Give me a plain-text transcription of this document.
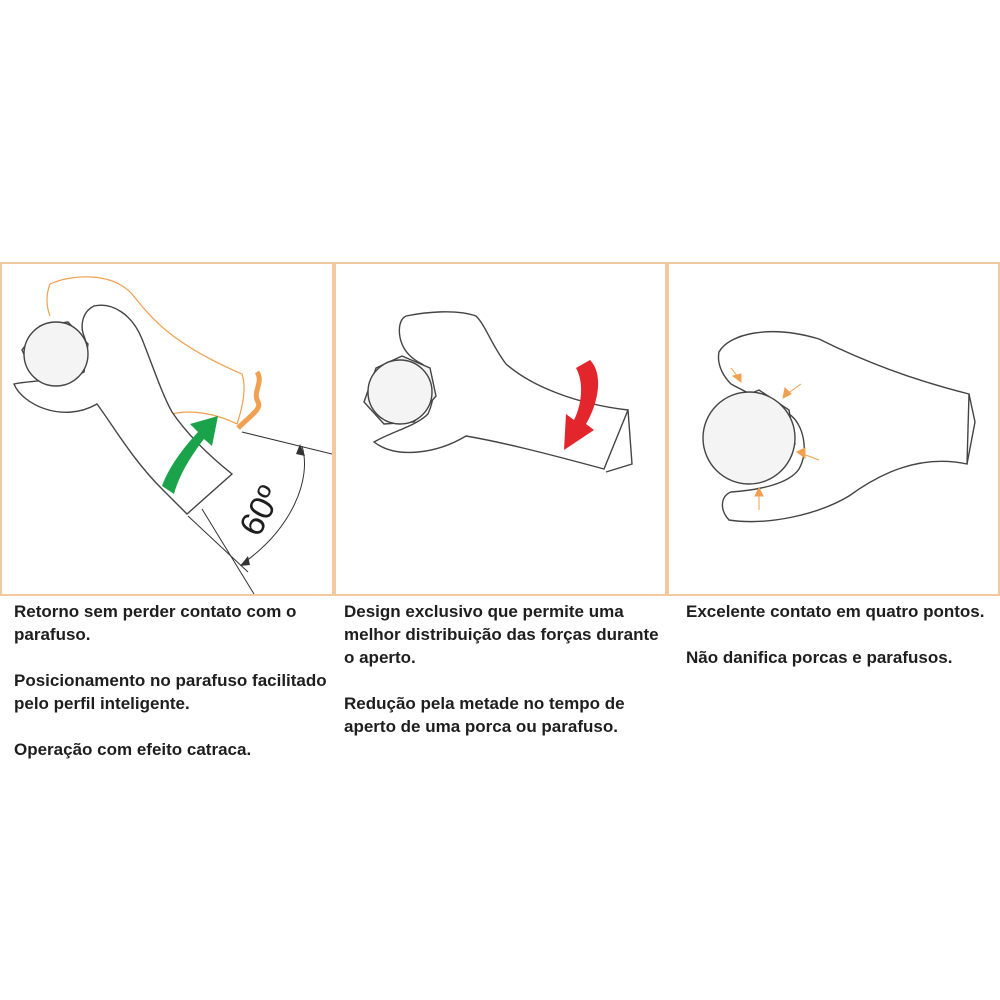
60º

Retorno sem perder contato com o parafuso.

Posicionamento no parafuso facilitado pelo perfil inteligente.

Operação com efeito catraca.

Design exclusivo que permite uma melhor distribuição das forças durante o aperto.

Redução pela metade no tempo de aperto de uma porca ou parafuso.

Excelente contato em quatro pontos.

Não danifica porcas e parafusos.
